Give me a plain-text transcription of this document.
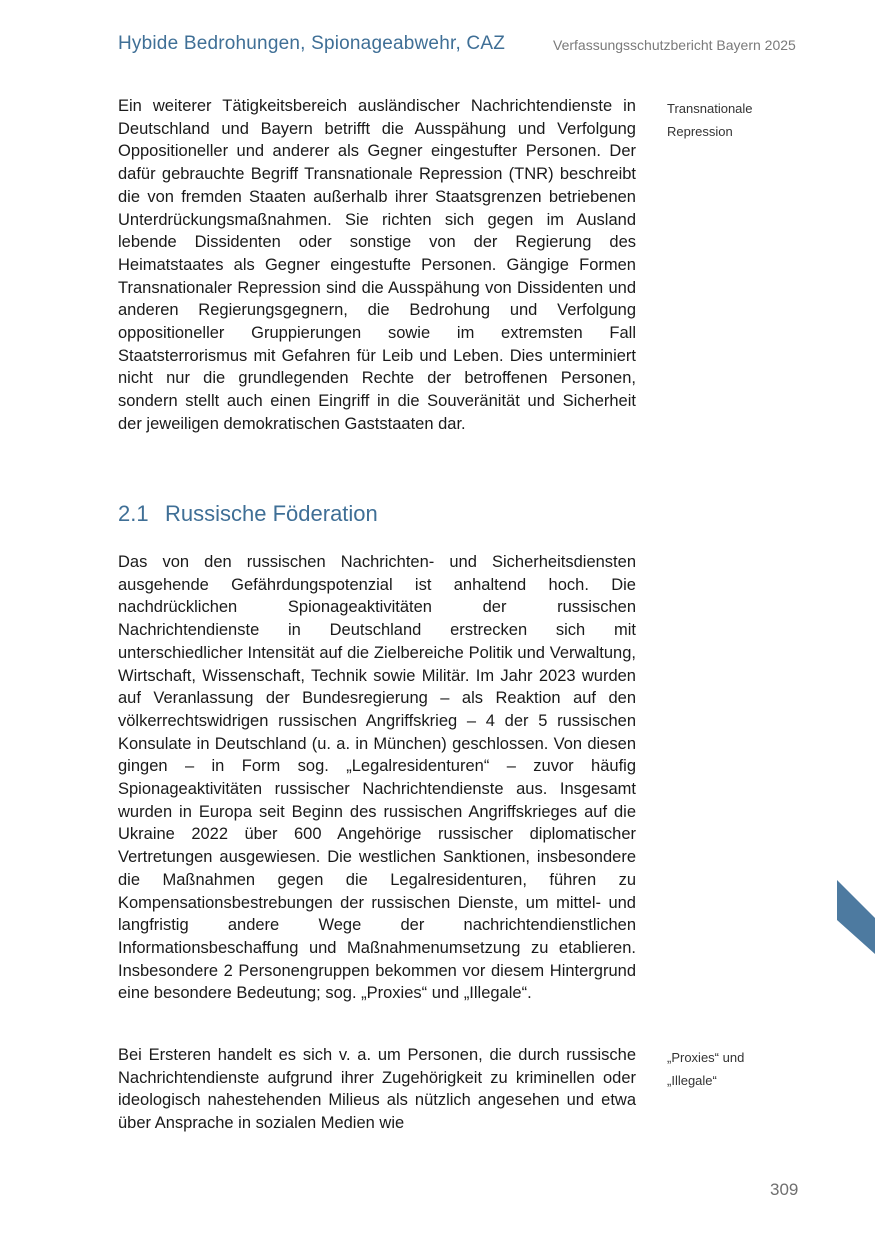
Hybide Bedrohungen, Spionageabwehr, CAZ	Verfassungsschutzbericht Bayern 2025

Ein weiterer Tätigkeitsbereich ausländischer Nachrichtendienste in Deutschland und Bayern betrifft die Ausspähung und Verfolgung Oppositioneller und anderer als Gegner eingestufter Personen. Der dafür gebrauchte Begriff Transnationale Repression (TNR) beschreibt die von fremden Staaten außerhalb ihrer Staatsgrenzen betriebenen Unterdrückungsmaßnahmen. Sie richten sich gegen im Ausland lebende Dissidenten oder sonstige von der Regierung des Heimatstaates als Gegner eingestufte Personen. Gängige Formen Transnationaler Repression sind die Ausspähung von Dissidenten und anderen Regierungsgegnern, die Bedrohung und Verfolgung oppositioneller Gruppierungen sowie im extremsten Fall Staatsterrorismus mit Gefahren für Leib und Leben. Dies unterminiert nicht nur die grundlegenden Rechte der betroffenen Personen, sondern stellt auch einen Eingriff in die Souveränität und Sicherheit der jeweiligen demokratischen Gaststaaten dar.

Transnationale Repression
2.1 Russische Föderation

Das von den russischen Nachrichten- und Sicherheitsdiensten ausgehende Gefährdungspotenzial ist anhaltend hoch. Die nachdrücklichen Spionageaktivitäten der russischen Nachrichtendienste in Deutschland erstrecken sich mit unterschiedlicher Intensität auf die Zielbereiche Politik und Verwaltung, Wirtschaft, Wissenschaft, Technik sowie Militär. Im Jahr 2023 wurden auf Veranlassung der Bundesregierung – als Reaktion auf den völkerrechtswidrigen russischen Angriffskrieg – 4 der 5 russischen Konsulate in Deutschland (u. a. in München) geschlossen. Von diesen gingen – in Form sog. „Legalresidenturen“ – zuvor häufig Spionageaktivitäten russischer Nachrichtendienste aus. Insgesamt wurden in Europa seit Beginn des russischen Angriffskrieges auf die Ukraine 2022 über 600 Angehörige russischer diplomatischer Vertretungen ausgewiesen. Die westlichen Sanktionen, insbesondere die Maßnahmen gegen die Legalresidenturen, führen zu Kompensationsbestrebungen der russischen Dienste, um mittel- und langfristig andere Wege der nachrichtendienstlichen Informationsbeschaffung und Maßnahmenumsetzung zu etablieren. Insbesondere 2 Personengruppen bekommen vor diesem Hintergrund eine besondere Bedeutung; sog. „Proxies“ und „Illegale“.

Bei Ersteren handelt es sich v. a. um Personen, die durch russische Nachrichtendienste aufgrund ihrer Zugehörigkeit zu kriminellen oder ideologisch nahestehenden Milieus als nützlich angesehen und etwa über Ansprache in sozialen Medien wie

„Proxies“ und „Illegale“
309
